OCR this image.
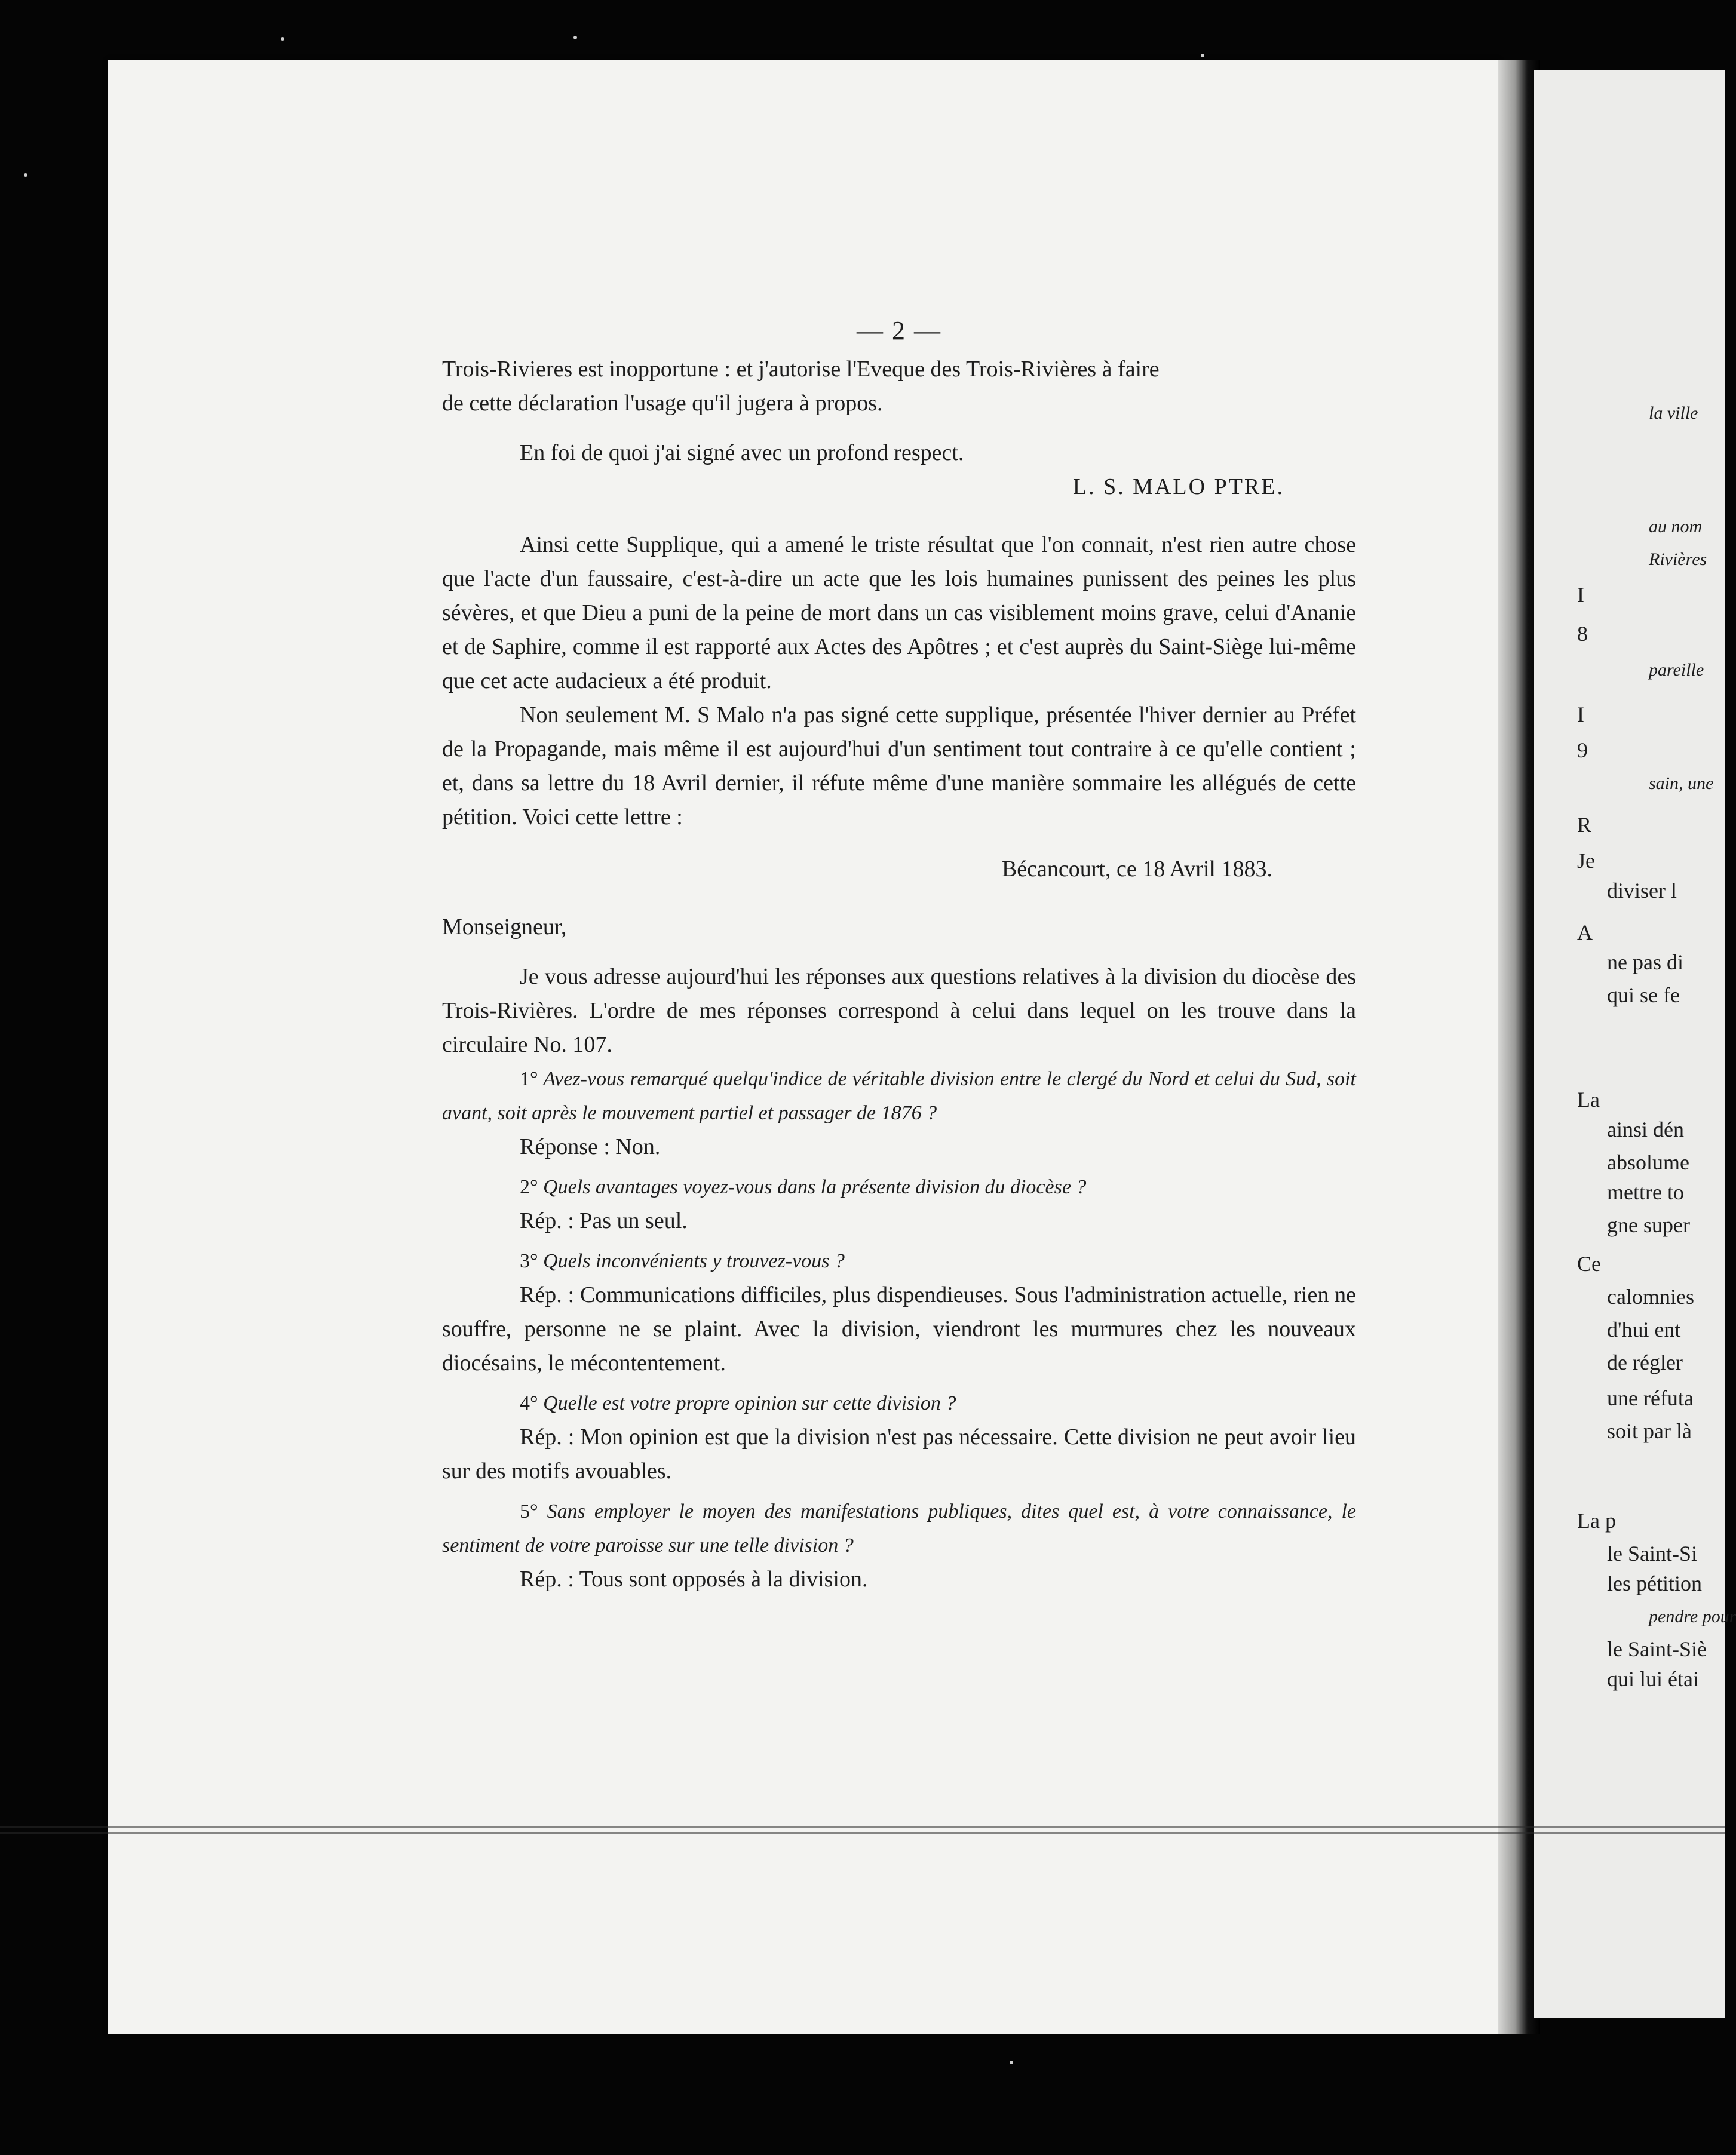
— 2 —

Trois-Rivieres est inopportune : et j'autorise l'Eveque des Trois-Rivières à faire

de cette déclaration l'usage qu'il jugera à propos.

En foi de quoi j'ai signé avec un profond respect.

L. S. MALO PTRE.

Ainsi cette Supplique, qui a amené le triste résultat que l'on connait, n'est rien autre chose que l'acte d'un faussaire, c'est-à-dire un acte que les lois humaines punissent des peines les plus sévères, et que Dieu a puni de la peine de mort dans un cas visiblement moins grave, celui d'Ananie et de Saphire, comme il est rapporté aux Actes des Apôtres ; et c'est auprès du Saint-Siège lui-même que cet acte audacieux a été produit.

Non seulement M. S Malo n'a pas signé cette supplique, présentée l'hiver dernier au Préfet de la Propagande, mais même il est aujourd'hui d'un sentiment tout contraire à ce qu'elle contient ; et, dans sa lettre du 18 Avril dernier, il réfute même d'une manière sommaire les allégués de cette pétition. Voici cette lettre :

Bécancourt, ce 18 Avril 1883.

Monseigneur,

Je vous adresse aujourd'hui les réponses aux questions relatives à la division du diocèse des Trois-Rivières. L'ordre de mes réponses correspond à celui dans lequel on les trouve dans la circulaire No. 107.

1° Avez-vous remarqué quelqu'indice de véritable division entre le clergé du Nord et celui du Sud, soit avant, soit après le mouvement partiel et passager de 1876 ?

Réponse : Non.

2° Quels avantages voyez-vous dans la présente division du diocèse ?

Rép. : Pas un seul.

3° Quels inconvénients y trouvez-vous ?

Rép. : Communications difficiles, plus dispendieuses. Sous l'administration actuelle, rien ne souffre, personne ne se plaint. Avec la division, viendront les murmures chez les nouveaux diocésains, le mécontentement.

4° Quelle est votre propre opinion sur cette division ?

Rép. : Mon opinion est que la division n'est pas nécessaire. Cette division ne peut avoir lieu sur des motifs avouables.

5° Sans employer le moyen des manifestations publiques, dites quel est, à votre connaissance, le sentiment de votre paroisse sur une telle division ?

Rép. : Tous sont opposés à la division.

la ville
au nom
Rivières
I
8
pareille
I
9
sain, une
R
Je
diviser l
A
ne pas di
qui se fe
La
ainsi dén
absolume
mettre to
gne super
Ce
calomnies
d'hui ent
de régler
une réfuta
soit par là
La p
le Saint-Si
les pétition
pendre pour
le Saint-Siè
qui lui étai
